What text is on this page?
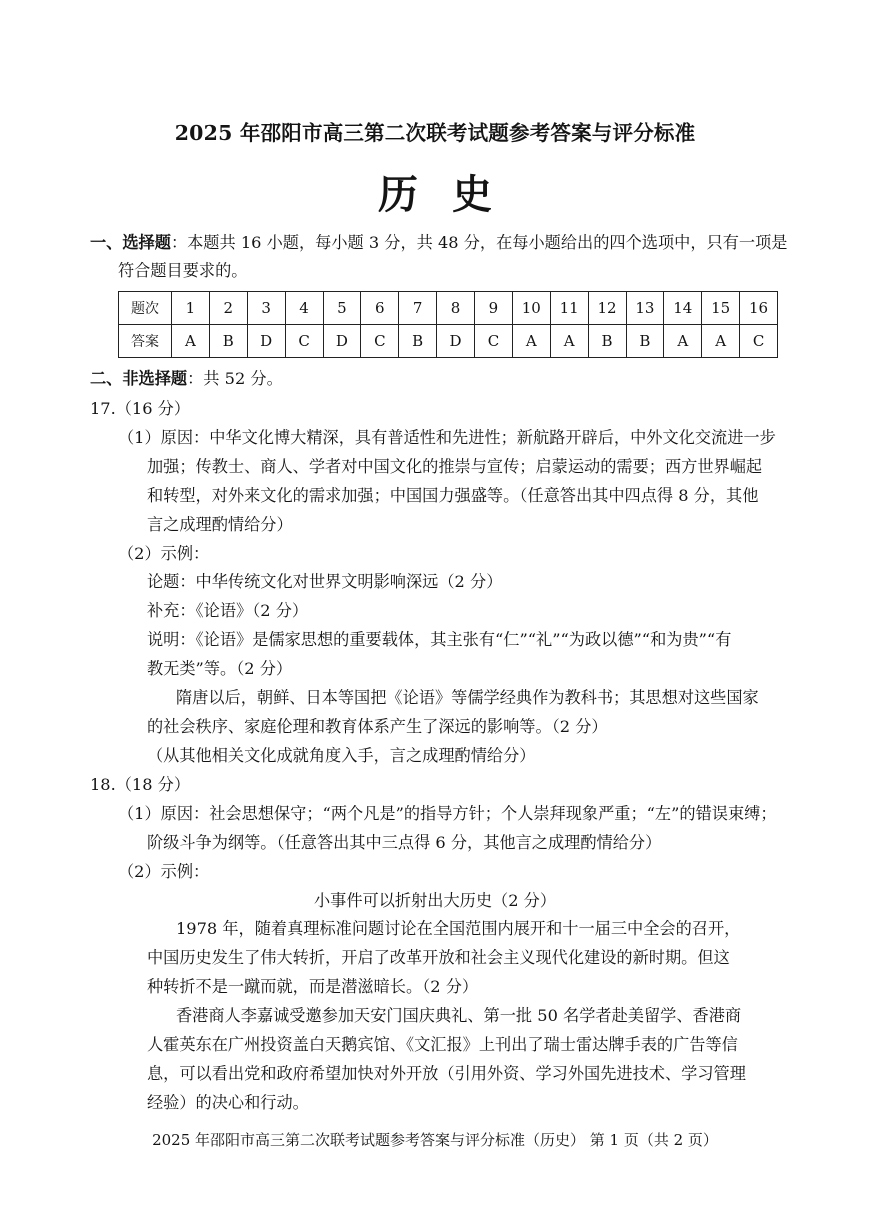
2025 年邵阳市高三第二次联考试题参考答案与评分标准
历 史
一、选择题：本题共 16 小题，每小题 3 分，共 48 分，在每小题给出的四个选项中，只有一项是
符合题目要求的。
题次	1	2	3	4	5	6	7	8	9	10	11	12	13	14	15	16
答案	A	B	D	C	D	C	B	D	C	A	A	B	B	A	A	C
二、非选择题：共 52 分。
17.（16 分）
（1）原因：中华文化博大精深，具有普适性和先进性；新航路开辟后，中外文化交流进一步
加强；传教士、商人、学者对中国文化的推崇与宣传；启蒙运动的需要；西方世界崛起
和转型，对外来文化的需求加强；中国国力强盛等。（任意答出其中四点得 8 分，其他
言之成理酌情给分）
（2）示例：
论题：中华传统文化对世界文明影响深远（2 分）
补充：《论语》（2 分）
说明：《论语》是儒家思想的重要载体，其主张有“仁”“礼”“为政以德”“和为贵”“有
教无类”等。（2 分）
隋唐以后，朝鲜、日本等国把《论语》等儒学经典作为教科书；其思想对这些国家
的社会秩序、家庭伦理和教育体系产生了深远的影响等。（2 分）
（从其他相关文化成就角度入手，言之成理酌情给分）
18.（18 分）
（1）原因：社会思想保守；“两个凡是”的指导方针；个人崇拜现象严重；“左”的错误束缚；
阶级斗争为纲等。（任意答出其中三点得 6 分，其他言之成理酌情给分）
（2）示例：
小事件可以折射出大历史（2 分）
1978 年，随着真理标准问题讨论在全国范围内展开和十一届三中全会的召开，
中国历史发生了伟大转折，开启了改革开放和社会主义现代化建设的新时期。但这
种转折不是一蹴而就，而是潜滋暗长。（2 分）
香港商人李嘉诚受邀参加天安门国庆典礼、第一批 50 名学者赴美留学、香港商
人霍英东在广州投资盖白天鹅宾馆、《文汇报》上刊出了瑞士雷达牌手表的广告等信
息，可以看出党和政府希望加快对外开放（引用外资、学习外国先进技术、学习管理
经验）的决心和行动。
2025 年邵阳市高三第二次联考试题参考答案与评分标准（历史） 第 1 页（共 2 页）
